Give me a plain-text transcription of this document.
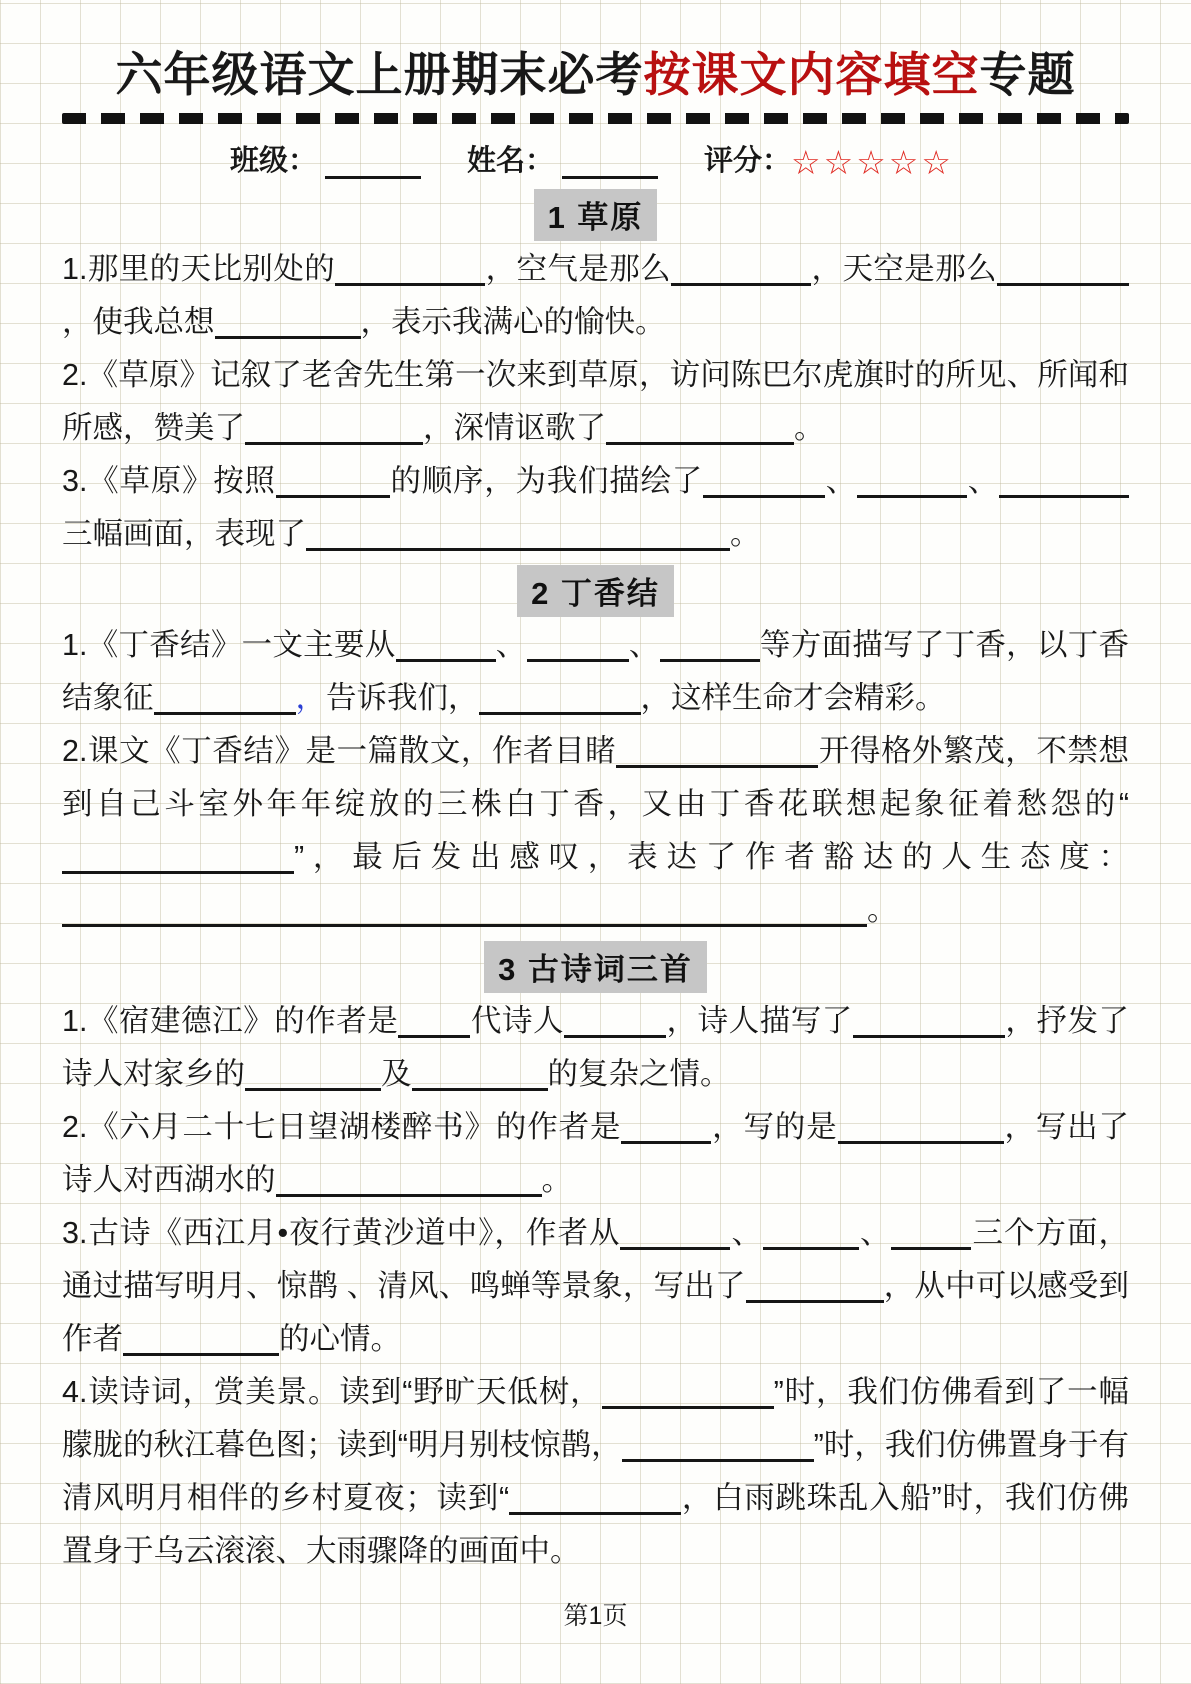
六年级语文上册期末必考按课文内容填空专题
班级：	姓名：	评分： ☆☆☆☆☆
1 草原

1.那里的天比别处的	，空气是那么	，天空是那么，使我总想	，表示我满心的愉快。

2.《草原》记叙了老舍先生第一次来到草原，访问陈巴尔虎旗时的所见、所闻和所感，赞美了	，深情讴歌了	。

3.《草原》按照	的顺序，为我们描绘了	、	、三幅画面，表现了	。

2 丁香结

1.《丁香结》一文主要从	、	、	等方面描写了丁香，以丁香结象征	，告诉我们，	，这样生命才会精彩。

2.课文《丁香结》是一篇散文，作者目睹	开得格外繁茂，不禁想到自己斗室外年年绽放的三株白丁香，又由丁香花联想起象征着愁怨的“”，最后发出感叹，表达了作者豁达的人生态度：。

3 古诗词三首

1.《宿建德江》的作者是 代诗人	，诗人描写了	，抒发了诗人对家乡的	及	的复杂之情。

2.《六月二十七日望湖楼醉书》的作者是	，写的是	，写出了诗人对西湖水的	。

3.古诗《西江月•夜行黄沙道中》，作者从	、	、	三个方面，通过描写明月、惊鹊 、清风、鸣蝉等景象，写出了	，从中可以感受到作者	的心情。

4.读诗词，赏美景。读到“野旷天低树，	”时，我们仿佛看到了一幅朦胧的秋江暮色图；读到“明月别枝惊鹊，	”时，我们仿佛置身于有清风明月相伴的乡村夏夜；读到“	，白雨跳珠乱入船”时，我们仿佛置身于乌云滚滚、大雨骤降的画面中。

第1页
